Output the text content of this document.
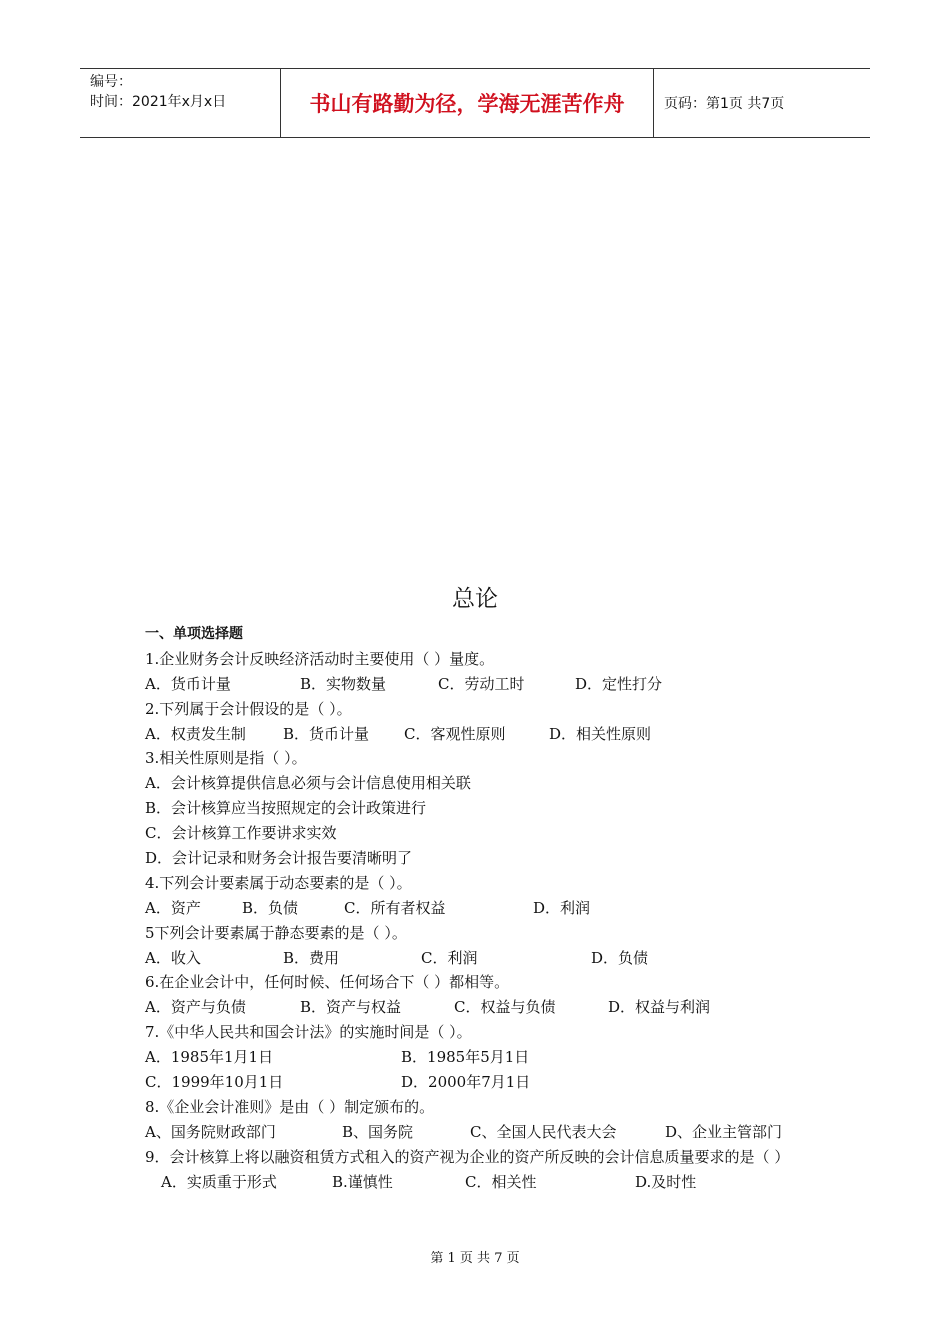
编号：
时间：2021年x月x日	书山有路勤为径，学海无涯苦作舟	页码：第1页 共7页
总论
一、单项选择题
1.企业财务会计反映经济活动时主要使用（ ）量度。
A．货币计量	B．实物数量	C．劳动工时	D．定性打分
2.下列属于会计假设的是（ ）。
A．权责发生制 B．货币计量 C．客观性原则	D．相关性原则
3.相关性原则是指（ ）。
A．会计核算提供信息必须与会计信息使用相关联
B．会计核算应当按照规定的会计政策进行
C．会计核算工作要讲求实效
D．会计记录和财务会计报告要清晰明了
4.下列会计要素属于动态要素的是（ ）。
A．资产	B．负债	C．所有者权益	D．利润
5下列会计要素属于静态要素的是（ ）。
A．收入	B．费用	C．利润	D．负债
6.在企业会计中，任何时候、任何场合下（ ）都相等。
A．资产与负债	B．资产与权益	C．权益与负债	D．权益与利润
7.《中华人民共和国会计法》的实施时间是（ ）。
A．1985年1月1日	B．1985年5月1日
C．1999年10月1日	D．2000年7月1日
8.《企业会计准则》是由（ ）制定颁布的。
A、国务院财政部门	B、国务院	C、全国人民代表大会	D、企业主管部门
9．会计核算上将以融资租赁方式租入的资产视为企业的资产所反映的会计信息质量要求的是（ ）
A．实质重于形式	B.谨慎性	C．相关性	D.及时性
第 1 页 共 7 页
